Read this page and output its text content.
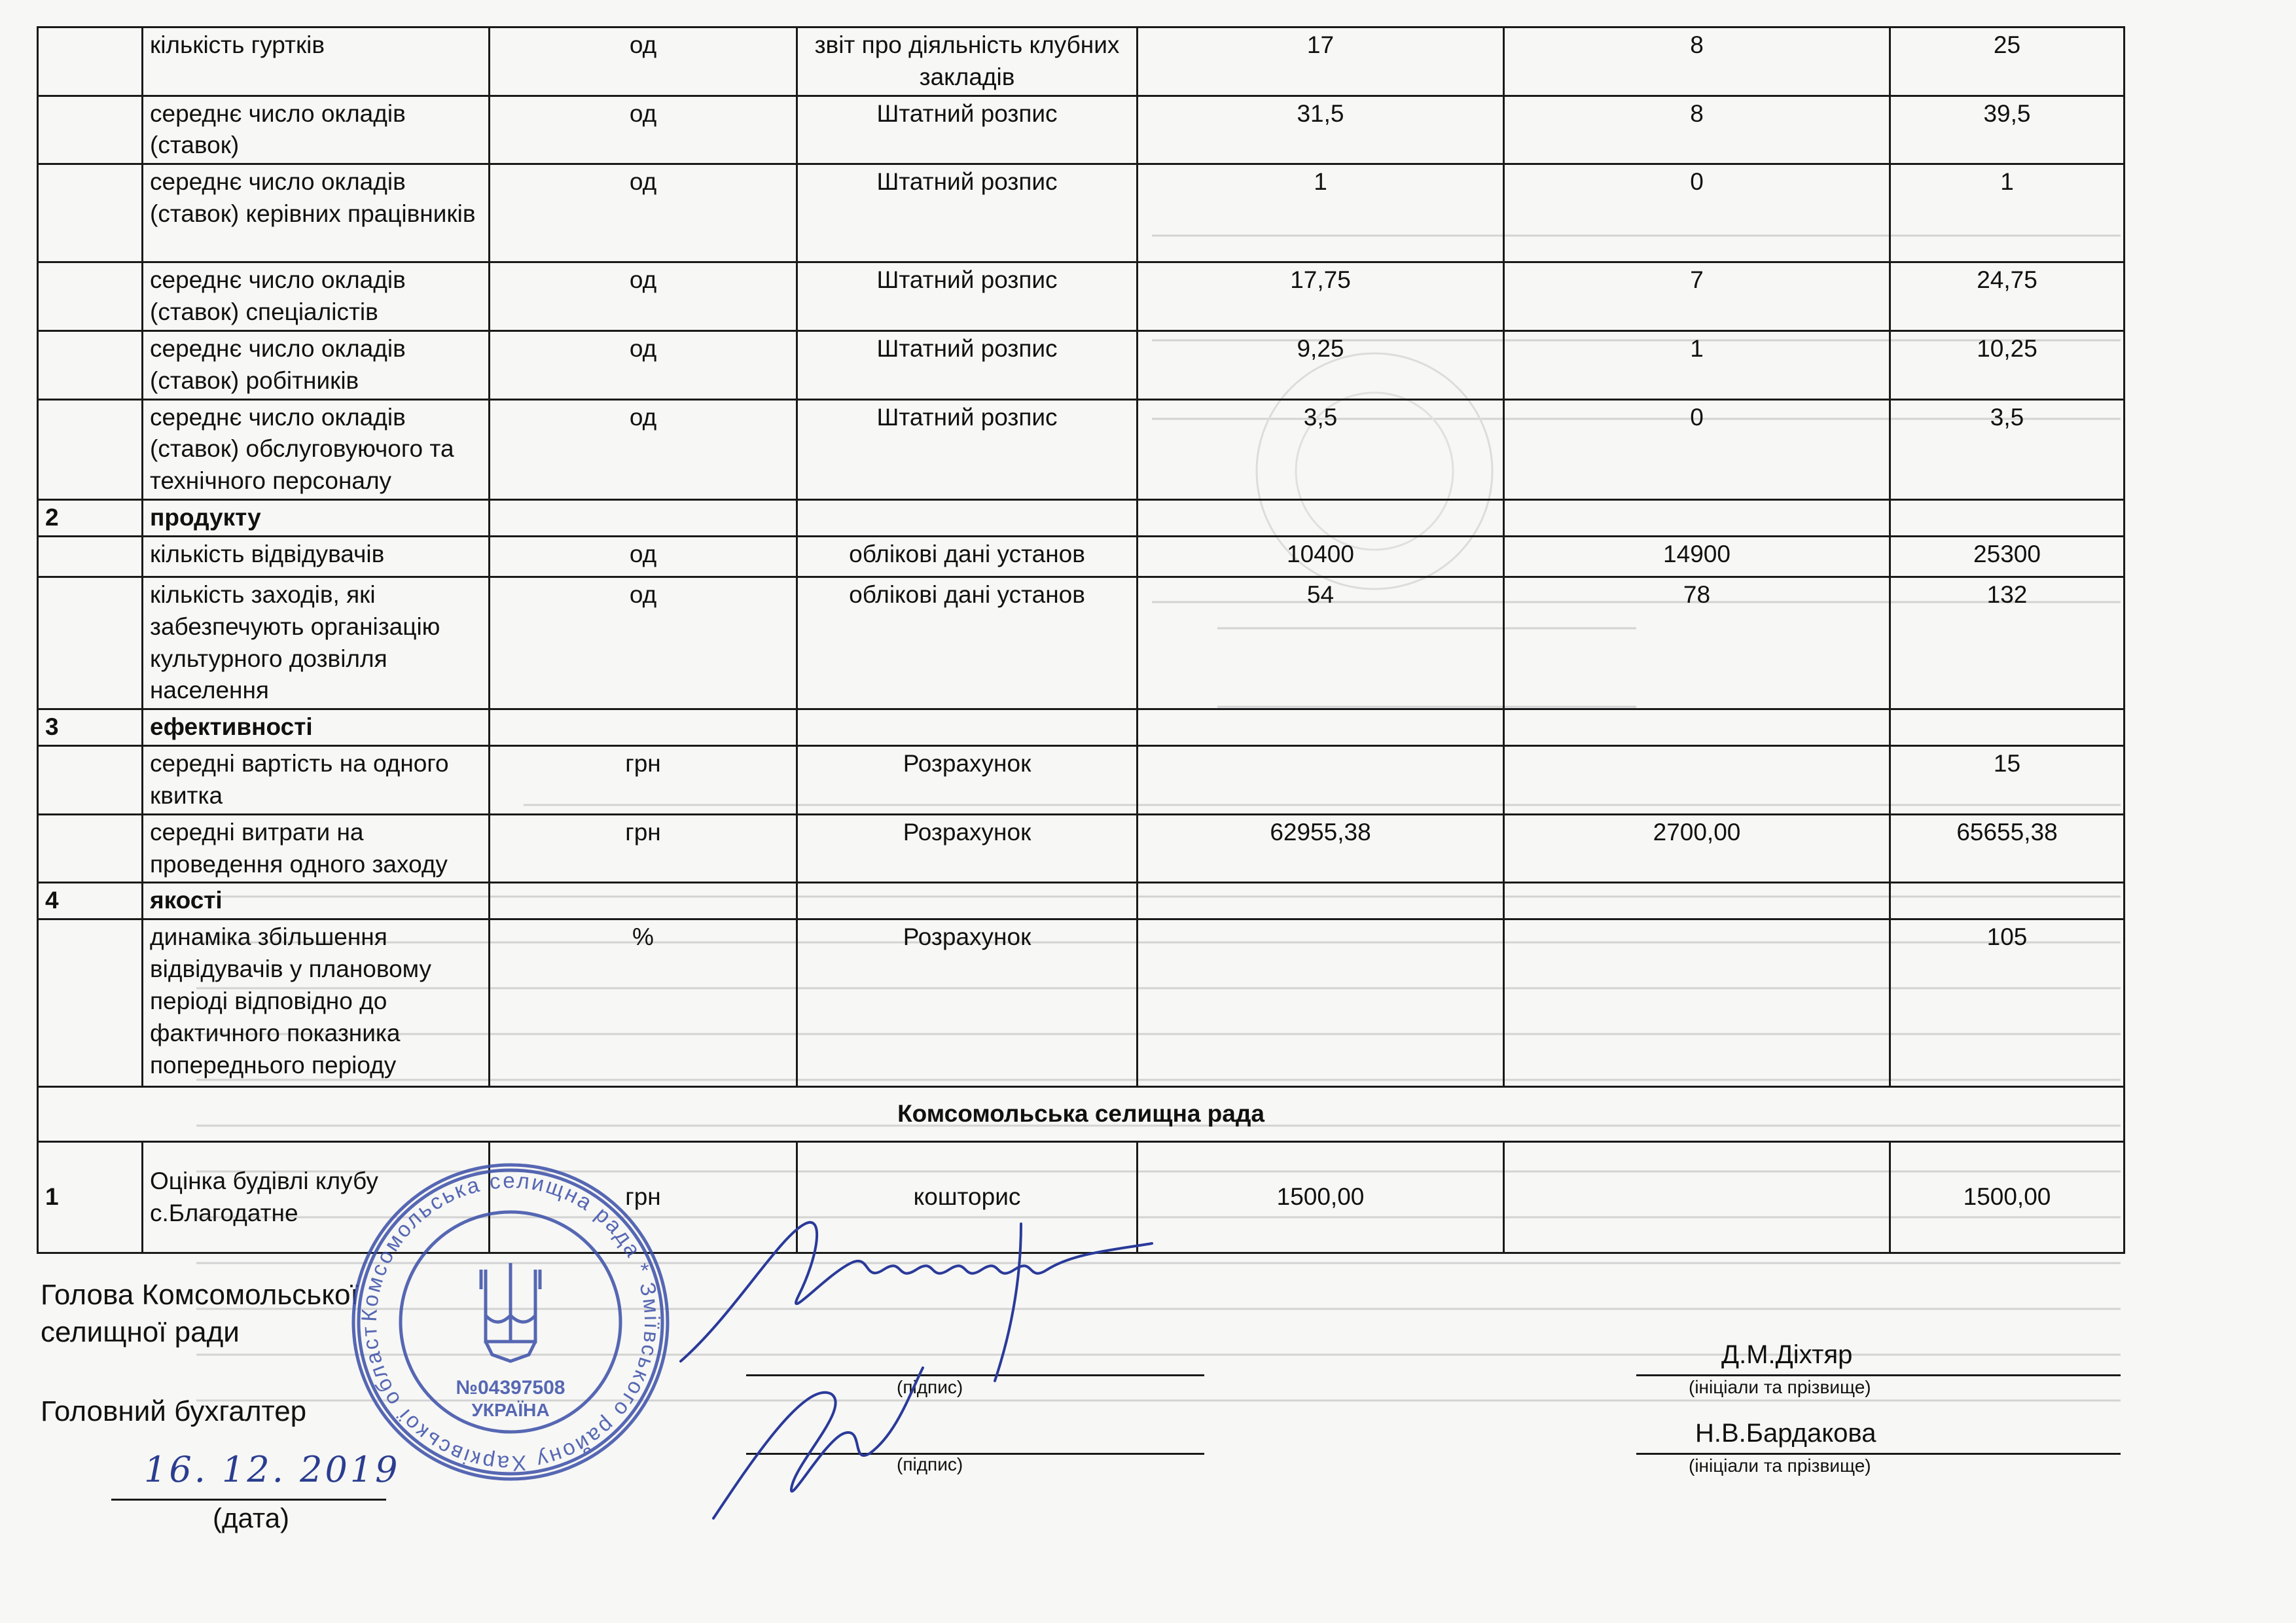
	кількість гуртків	од	звіт про діяльність клубних закладів	17	8	25
	середнє число окладів (ставок)	од	Штатний розпис	31,5	8	39,5
	середнє число окладів (ставок) керівних працівників	од	Штатний розпис	1	0	1
	середнє число окладів (ставок) спеціалістів	од	Штатний розпис	17,75	7	24,75
	середнє число окладів (ставок) робітників	од	Штатний розпис	9,25	1	10,25
	середнє число окладів (ставок) обслуговуючого та технічного персоналу	од	Штатний розпис	3,5	0	3,5
2	продукту					
	кількість відвідувачів	од	облікові дані установ	10400	14900	25300
	кількість заходів, які забезпечують організацію культурного дозвілля населення	од	облікові дані установ	54	78	132
3	ефективності					
	середні вартість на одного квитка	грн	Розрахунок			15
	середні витрати на проведення одного заходу	грн	Розрахунок	62955,38	2700,00	65655,38
4	якості					
	динаміка збільшення відвідувачів у плановому періоді відповідно до фактичного показника попереднього періоду	%	Розрахунок			105
Комсомольська селищна рада						
1	Оцінка будівлі клубу с.Благодатне	грн	кошторис	1500,00		1500,00
Голова Комсомольської
селищної ради
(підпис)
Д.М.Діхтяр
(ініціали та прізвище)
Головний бухгалтер
(підпис)
Н.В.Бардакова
(ініціали та прізвище)
16. 12. 2019
(дата)
Комсомольська селищна рада * Зміївського району Харківської област
№04397508
УКРАЇНА
